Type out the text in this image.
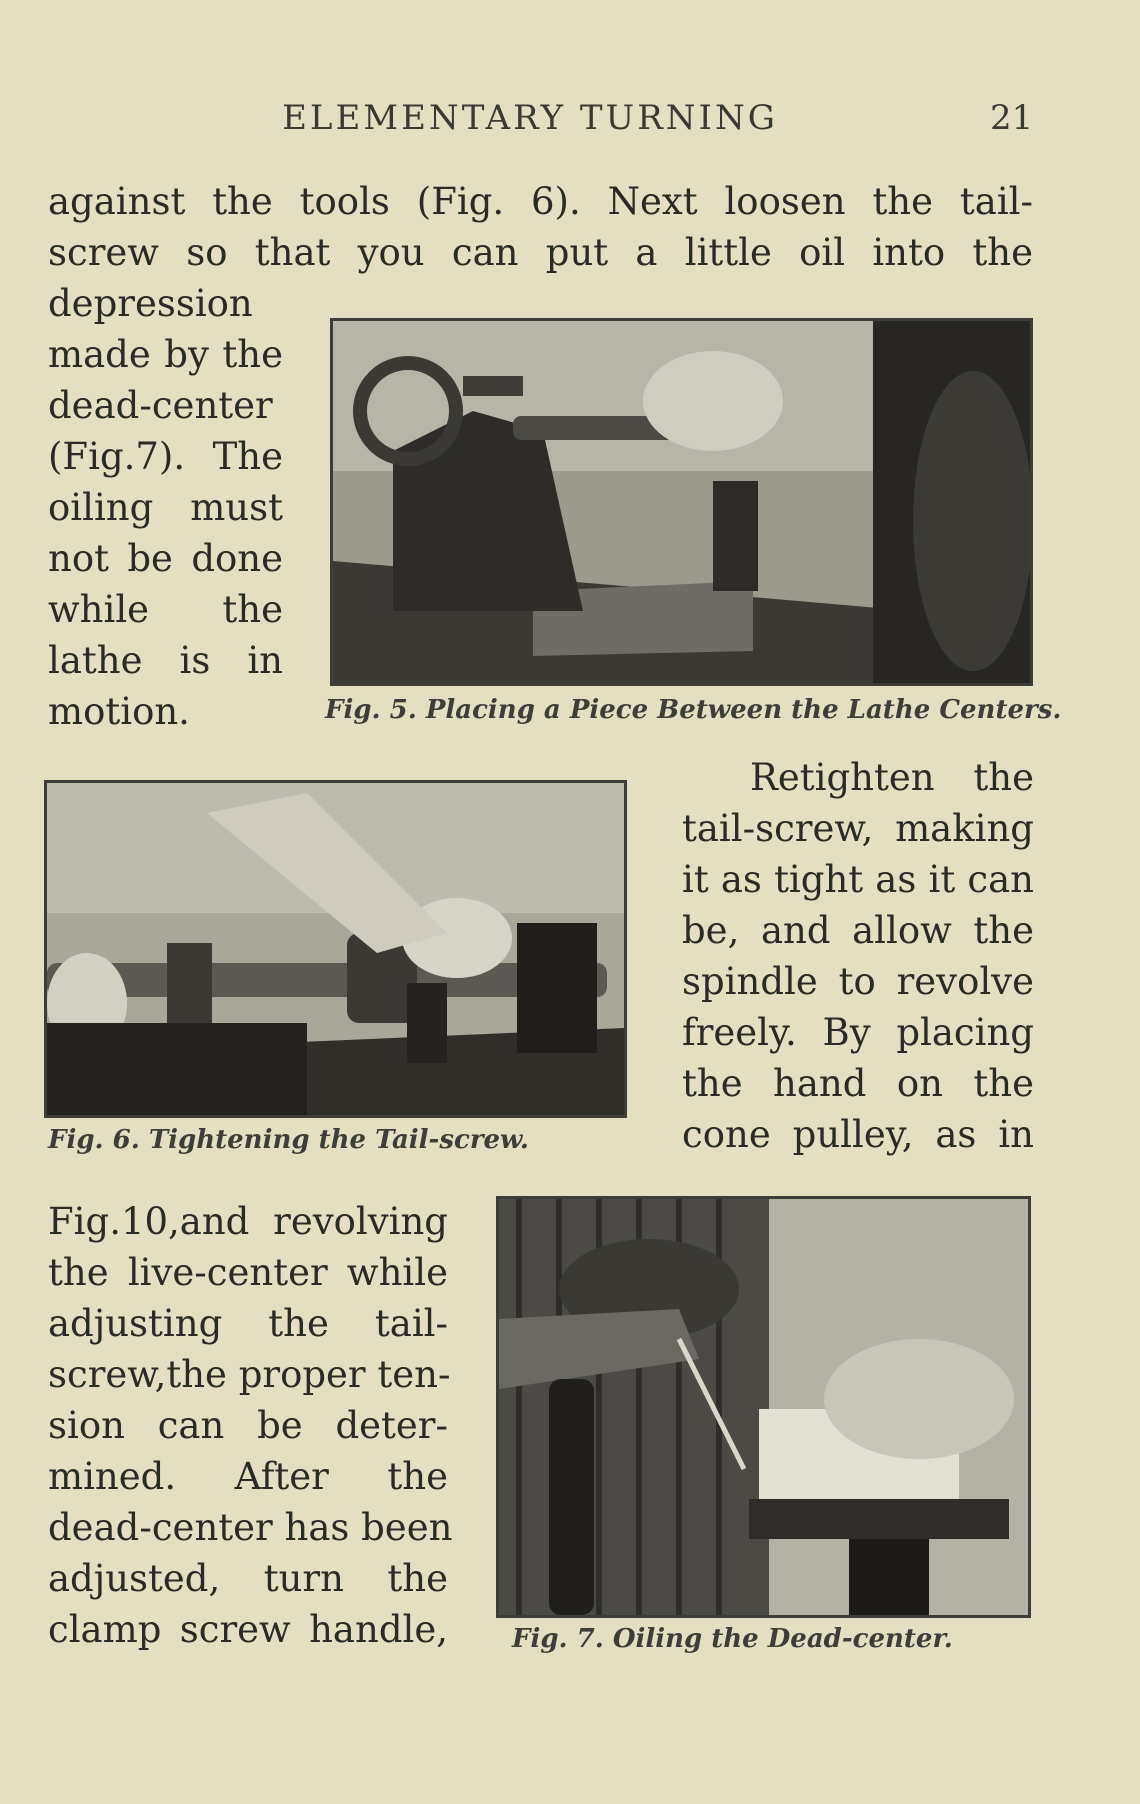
ELEMENTARY TURNING	21
against the tools (Fig. 6). Next loosen the tail-
screw so that you can put a little oil into the
depression
made by the
dead-center
(Fig.7). The
oiling must
not be done
while the
lathe is in
motion.	Fig. 5. Placing a Piece Between the Lathe Centers.
Fig. 6. Tightening the Tail-screw.
Retighten the
tail-screw, making
it as tight as it can
be, and allow the
spindle to revolve
freely. By placing
the hand on the
cone pulley, as in
Fig.10,and revolving
the live-center while
adjusting the tail-
screw,the proper ten-
sion can be deter-
mined. After the
dead-center has been
adjusted, turn the
clamp screw handle, Fig. 7. Oiling the Dead-center.
